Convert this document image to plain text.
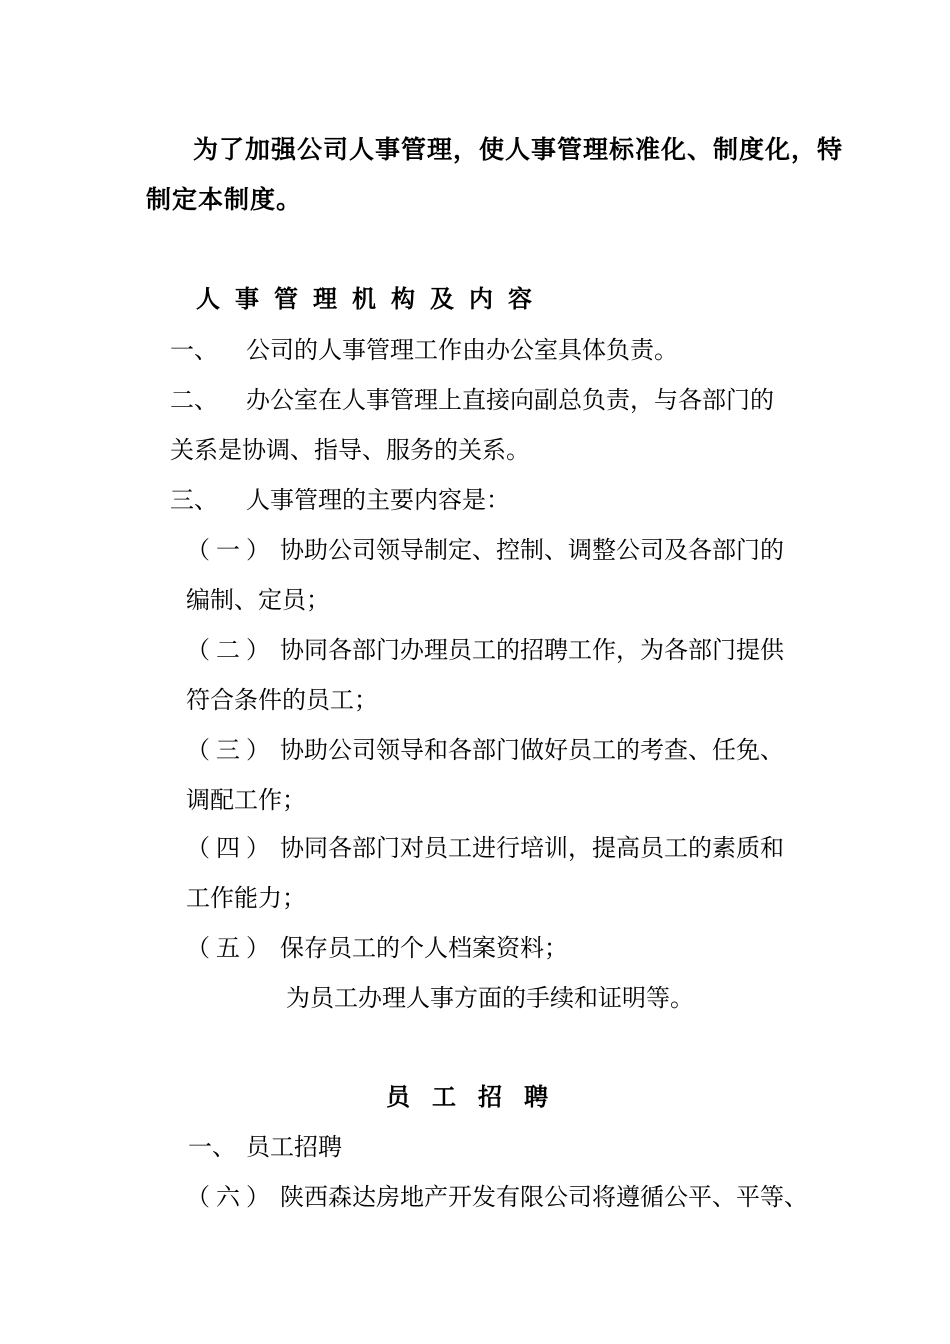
为了加强公司人事管理，使人事管理标准化、制度化，特
制定本制度。
人事管理机构及内容
一、 公司的人事管理工作由办公室具体负责。
二、 办公室在人事管理上直接向副总负责，与各部门的
关系是协调、指导、服务的关系。
三、 人事管理的主要内容是：
（一） 协助公司领导制定、控制、调整公司及各部门的
编制、定员；
（二） 协同各部门办理员工的招聘工作，为各部门提供
符合条件的员工；
（三） 协助公司领导和各部门做好员工的考查、任免、
调配工作；
（四） 协同各部门对员工进行培训，提高员工的素质和
工作能力；
（五） 保存员工的个人档案资料；
为员工办理人事方面的手续和证明等。
员工招聘
一、 员工招聘
（六） 陕西森达房地产开发有限公司将遵循公平、平等、
